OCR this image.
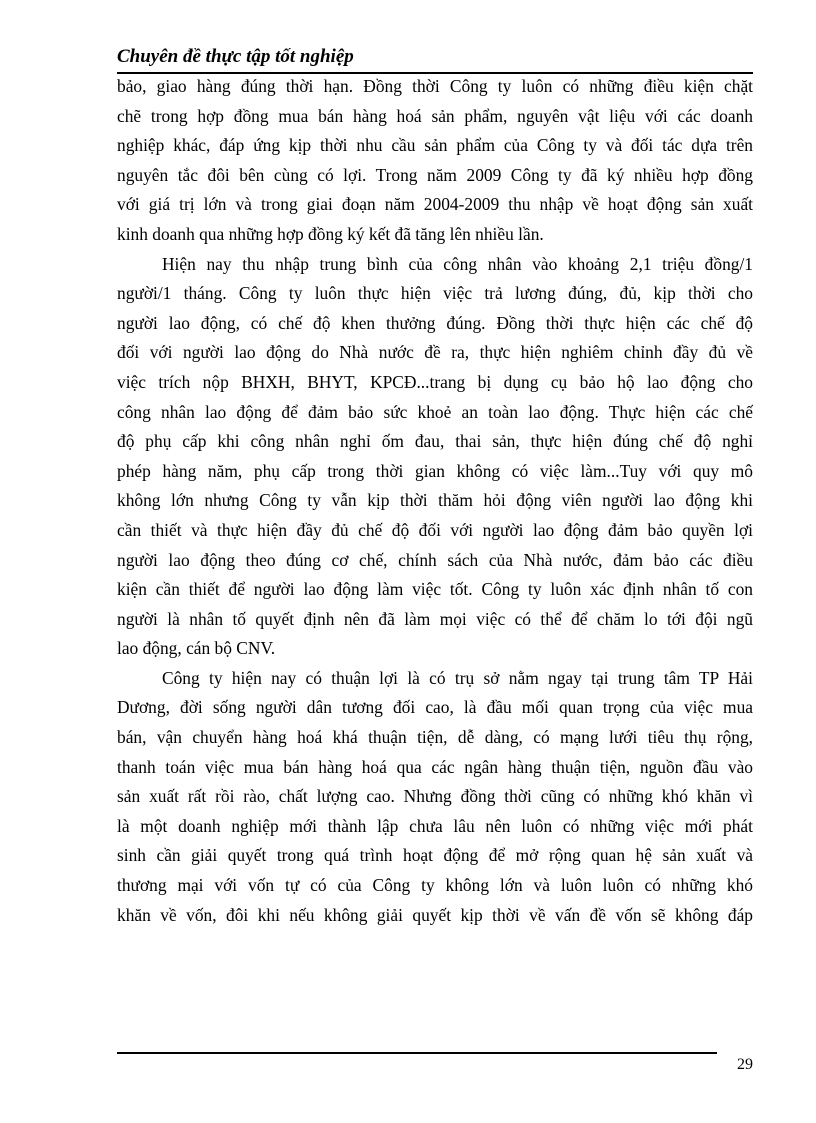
Chuyên đề thực tập tốt nghiệp
bảo, giao hàng đúng thời hạn. Đồng thời Công ty luôn có những điều kiện chặt
chẽ trong hợp đồng mua bán hàng hoá sản phẩm, nguyên vật liệu với các doanh
nghiệp khác, đáp ứng kịp thời nhu cầu sản phẩm của Công ty và đối tác dựa trên
nguyên tắc đôi bên cùng có lợi. Trong năm 2009 Công ty đã ký nhiều hợp đồng
với giá trị lớn và trong giai đoạn năm 2004-2009 thu nhập về hoạt động sản xuất
kinh doanh qua những hợp đồng ký kết đã tăng lên nhiều lần.
Hiện nay thu nhập trung bình của công nhân vào khoảng 2,1 triệu đồng/1
người/1 tháng. Công ty luôn thực hiện việc trả lương đúng, đủ, kịp thời cho
người lao động, có chế độ khen thưởng đúng. Đồng thời thực hiện các chế độ
đối với người lao động do Nhà nước đề ra, thực hiện nghiêm chỉnh đầy đủ về
việc trích nộp BHXH, BHYT, KPCĐ...trang bị dụng cụ bảo hộ lao động cho
công nhân lao động để đảm bảo sức khoẻ an toàn lao động. Thực hiện các chế
độ phụ cấp khi công nhân nghỉ ốm đau, thai sản, thực hiện đúng chế độ nghỉ
phép hàng năm, phụ cấp trong thời gian không có việc làm...Tuy với quy mô
không lớn nhưng Công ty vẫn kịp thời thăm hỏi động viên người lao động khi
cần thiết và thực hiện đầy đủ chế độ đối với người lao động đảm bảo quyền lợi
người lao động theo đúng cơ chế, chính sách của Nhà nước, đảm bảo các điều
kiện cần thiết để người lao động làm việc tốt. Công ty luôn xác định nhân tố con
người là nhân tố quyết định nên đã làm mọi việc có thể để chăm lo tới đội ngũ
lao động, cán bộ CNV.
Công ty hiện nay có thuận lợi là có trụ sở nằm ngay tại trung tâm TP Hải
Dương, đời sống người dân tương đối cao, là đầu mối quan trọng của việc mua
bán, vận chuyển hàng hoá khá thuận tiện, dễ dàng, có mạng lưới tiêu thụ rộng,
thanh toán việc mua bán hàng hoá qua các ngân hàng thuận tiện, nguồn đầu vào
sản xuất rất rồi rào, chất lượng cao. Nhưng đồng thời cũng có những khó khăn vì
là một doanh nghiệp mới thành lập chưa lâu nên luôn có những việc mới phát
sinh cần giải quyết trong quá trình hoạt động để mở rộng quan hệ sản xuất và
thương mại với vốn tự có của Công ty không lớn và luôn luôn có những khó
khăn về vốn, đôi khi nếu không giải quyết kịp thời về vấn đề vốn sẽ không đáp
29
